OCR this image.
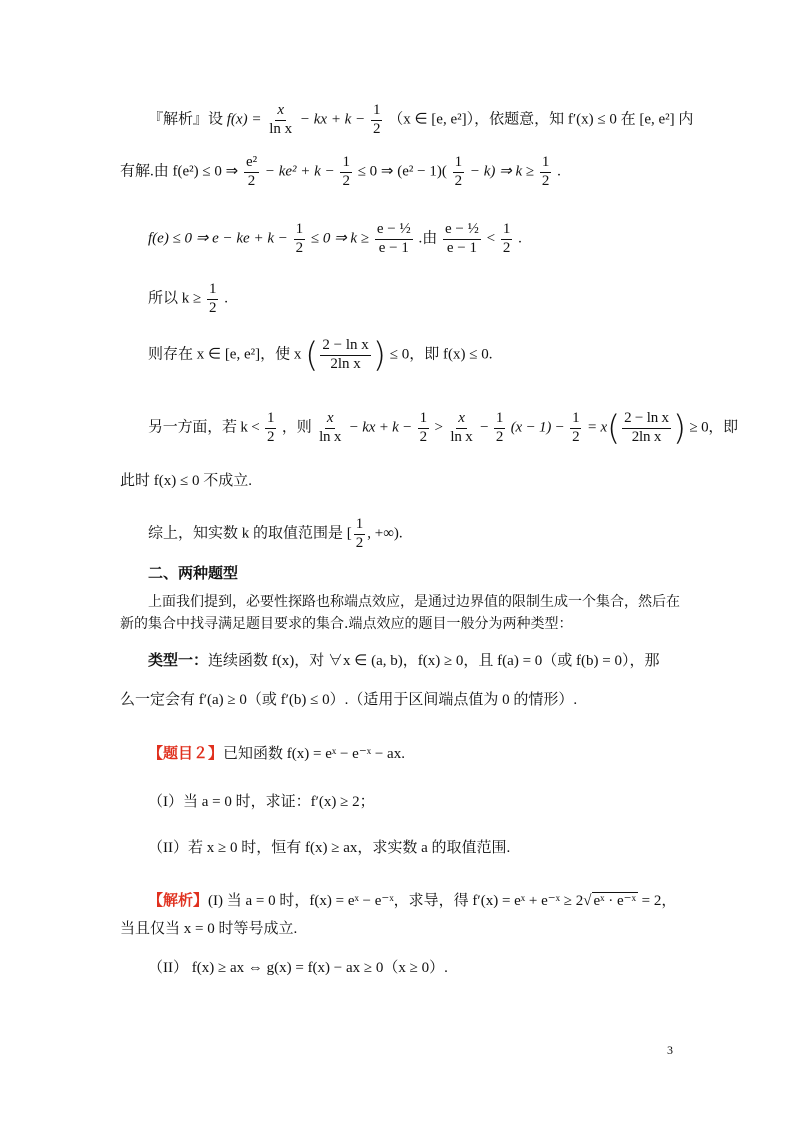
『解析』设 $f(x) = \frac{x}{\text{ln x}}$ − kx + $k - \frac{1}{2} (x$ ∈ [e, e²]），依题意，知 f′(x) ≤ 0 在 [e, e²] 内
有解.由 f(e²) ≤ 0 ⇒ $\frac{\text{e²}}{2} - ke^2 + k - \frac{1}{2} \le 0$ ⇒ $(e^2 - 1)( \frac{1}{2} - k)$ ⇒ $k \ge \frac{1}{2}$ .
f(e) ≤ 0 ⇒ e − ke + $k - \frac{1}{2} \le 0$ ⇒ $k \ge \frac{\text{e − ½}}{e - 1}$ .由 $\frac{\text{e − ½}}{e - 1} < \frac{1}{2}$ .
所以 $k \ge \frac{1}{2}$ .
则存在 x ∈ [e, e²]，使 x ( $\frac{\text{2 − ln x}}{\text{2ln x}}$ ) ≤ 0，即 f(x) ≤ 0.
另一方面，若 $k < \frac{1}{2}$ ，则 $\frac{x}{\text{ln x}}$ − kx + $k - \frac{1}{2} > \frac{x}{\text{ln x}} - \frac{1}{2} (x - 1) - \frac{1}{2} = x( \frac{\text{2 − ln x}}{\text{2ln x}}$ ) ≥ 0，即
此时 f(x) ≤ 0 不成立.
综上，知实数 k 的取值范围是 [ $\frac{1}{2}$ , +∞).
二、两种题型
上面我们提到，必要性探路也称端点效应，是通过边界值的限制生成一个集合，然后在
新的集合中找寻满足题目要求的集合.端点效应的题目一般分为两种类型：
类型一：连续函数 f(x)，对 ∀x ∈ (a, b)，f(x) ≥ 0，且 f(a) = 0（或 f(b) = 0），那
么一定会有 f′(a) ≥ 0（或 f′(b) ≤ 0）.（适用于区间端点值为 0 的情形）.
【题目２】已知函数 f(x) = eˣ − e⁻ˣ − ax.
（I）当 a = 0 时，求证：f′(x) ≥ 2；
（II）若 x ≥ 0 时，恒有 f(x) ≥ ax，求实数 a 的取值范围.
【解析】(I) 当 a = 0 时，f(x) = eˣ − e⁻ˣ，求导，得 f′(x) = eˣ + e⁻ˣ ≥ 2√ eˣ · e⁻ˣ = 2，
当且仅当 x = 0 时等号成立.
（II） f(x) ≥ ax ⇔ g(x) = f(x) − ax ≥ 0（x ≥ 0）.
3
